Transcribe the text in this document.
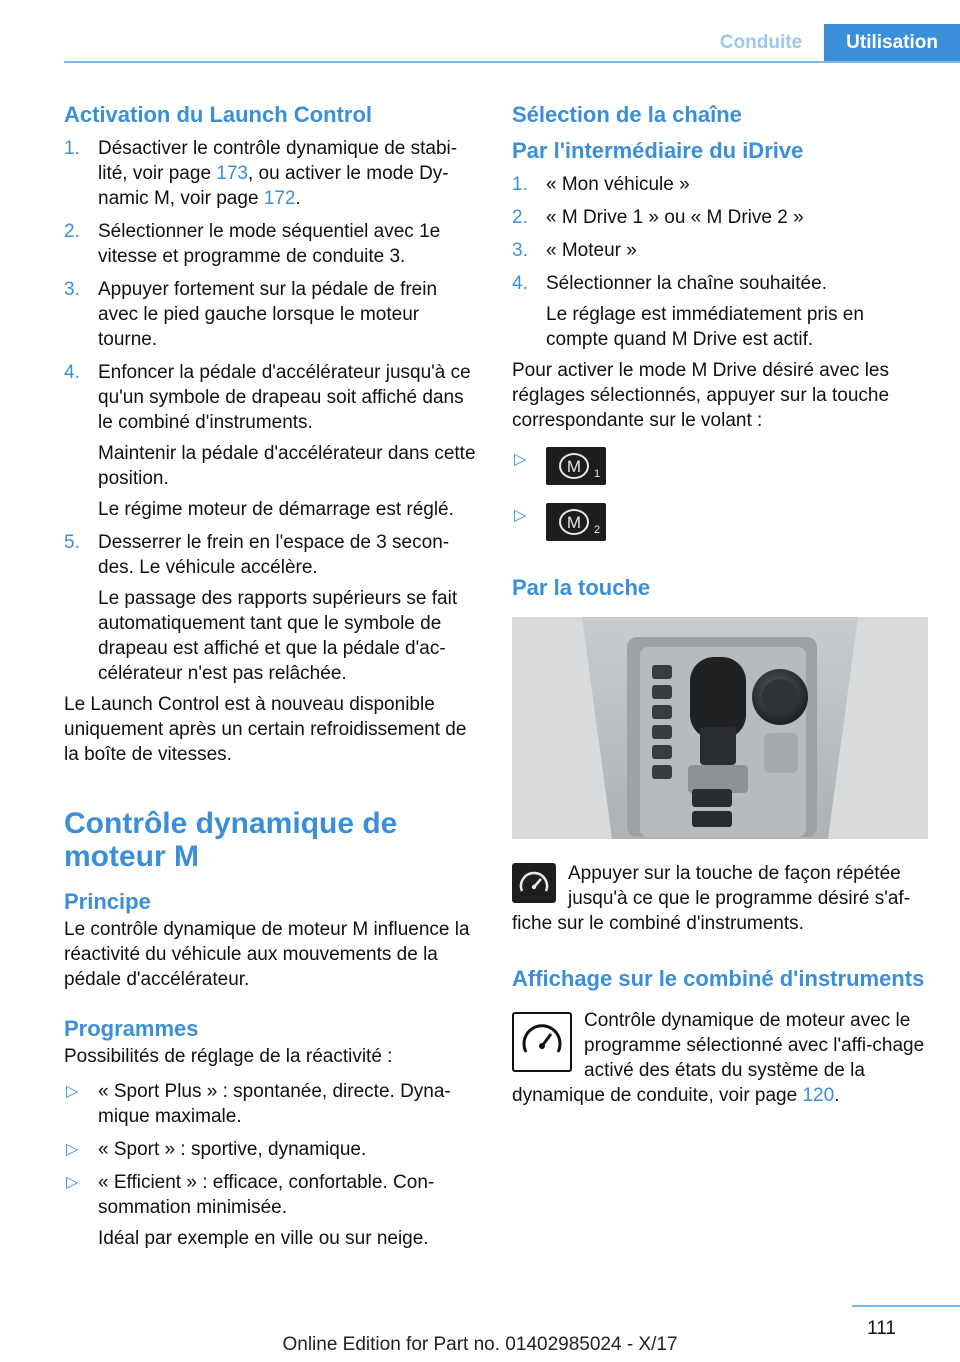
Conduite	Utilisation
Activation du Launch Control
1. Désactiver le contrôle dynamique de stabi-lité, voir page 173, ou activer le mode Dy-namic M, voir page 172.
2. Sélectionner le mode séquentiel avec 1e vitesse et programme de conduite 3.
3. Appuyer fortement sur la pédale de frein avec le pied gauche lorsque le moteur tourne.
4. Enfoncer la pédale d'accélérateur jusqu'à ce qu'un symbole de drapeau soit affiché dans le combiné d'instruments.

Maintenir la pédale d'accélérateur dans cette position.

Le régime moteur de démarrage est réglé.

5. Desserrer le frein en l'espace de 3 secon-des. Le véhicule accélère.

Le passage des rapports supérieurs se fait automatiquement tant que le symbole de drapeau est affiché et que la pédale d'ac-célérateur n'est pas relâchée.

Le Launch Control est à nouveau disponible uniquement après un certain refroidissement de la boîte de vitesses.

Contrôle dynamique de moteur M
Principe

Le contrôle dynamique de moteur M influence la réactivité du véhicule aux mouvements de la pédale d'accélérateur.

Programmes

Possibilités de réglage de la réactivité :

▷ « Sport Plus » : spontanée, directe. Dyna-mique maximale.
▷ « Sport » : sportive, dynamique.
▷ « Efficient » : efficace, confortable. Con-sommation minimisée.

Idéal par exemple en ville ou sur neige.

Sélection de la chaîne
Par l'intermédiaire du iDrive
1. « Mon véhicule »
2. « M Drive 1 » ou « M Drive 2 »
3. « Moteur »
4. Sélectionner la chaîne souhaitée.

Le réglage est immédiatement pris en compte quand M Drive est actif.

Pour activer le mode M Drive désiré avec les réglages sélectionnés, appuyer sur la touche correspondante sur le volant :

▷ M 1
▷ M 2
Par la touche

Appuyer sur la touche de façon répétée jusqu'à ce que le programme désiré s'af-fiche sur le combiné d'instruments.

Affichage sur le combiné d'instruments

Contrôle dynamique de moteur avec le programme sélectionné avec l'affi-chage activé des états du système de la dynamique de conduite, voir page 120.

111
Online Edition for Part no. 01402985024 - X/17
